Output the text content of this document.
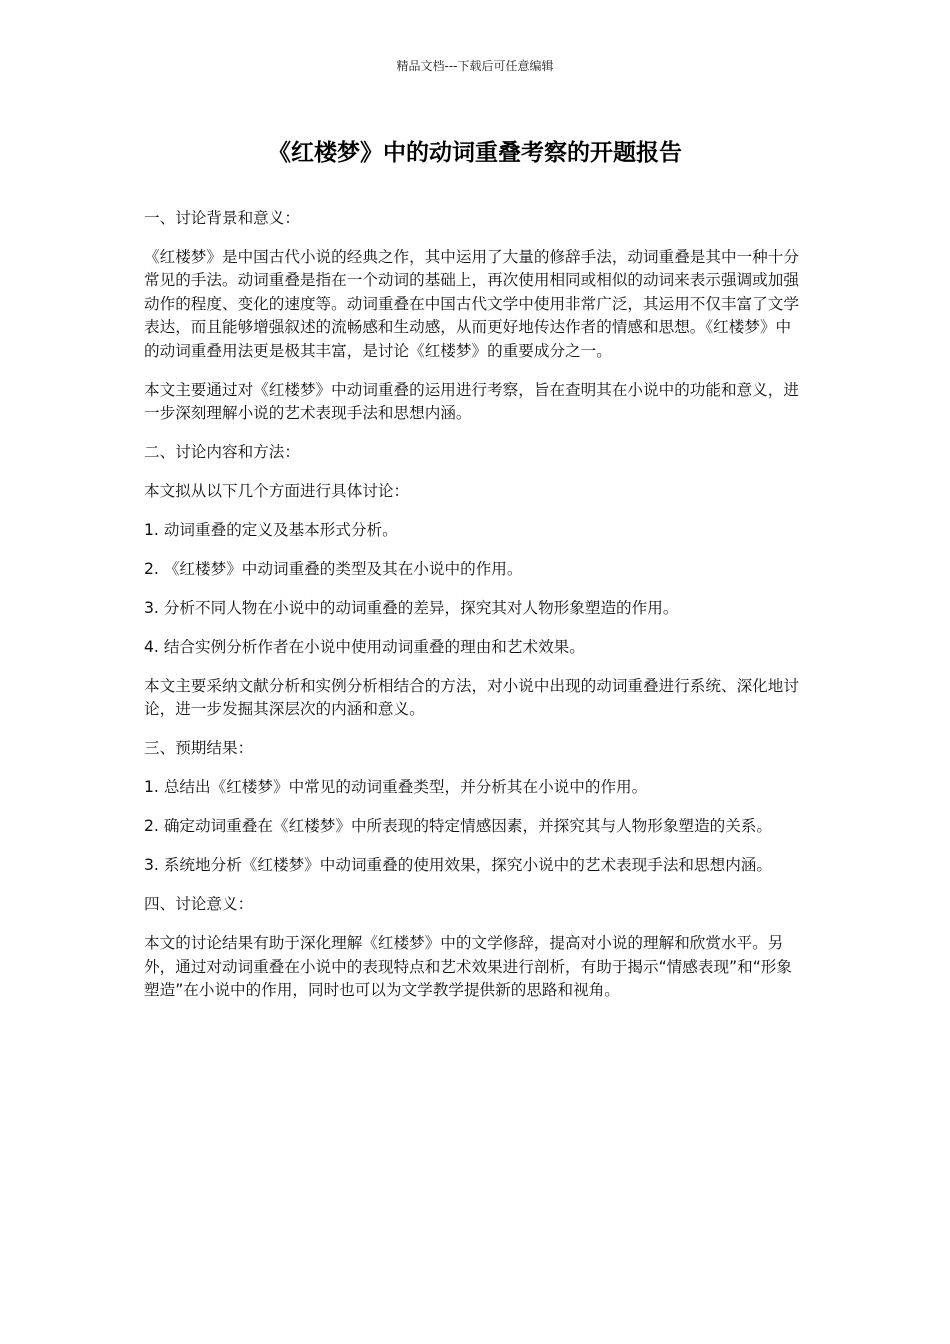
精品文档---下载后可任意编辑
《红楼梦》中的动词重叠考察的开题报告

一、讨论背景和意义：

《红楼梦》是中国古代小说的经典之作，其中运用了大量的修辞手法，动词重叠是其中一种十分常见的手法。动词重叠是指在一个动词的基础上，再次使用相同或相似的动词来表示强调或加强动作的程度、变化的速度等。动词重叠在中国古代文学中使用非常广泛，其运用不仅丰富了文学表达，而且能够增强叙述的流畅感和生动感，从而更好地传达作者的情感和思想。《红楼梦》中的动词重叠用法更是极其丰富，是讨论《红楼梦》的重要成分之一。

本文主要通过对《红楼梦》中动词重叠的运用进行考察，旨在查明其在小说中的功能和意义，进一步深刻理解小说的艺术表现手法和思想内涵。

二、讨论内容和方法：

本文拟从以下几个方面进行具体讨论：

1. 动词重叠的定义及基本形式分析。

2. 《红楼梦》中动词重叠的类型及其在小说中的作用。

3. 分析不同人物在小说中的动词重叠的差异，探究其对人物形象塑造的作用。

4. 结合实例分析作者在小说中使用动词重叠的理由和艺术效果。

本文主要采纳文献分析和实例分析相结合的方法，对小说中出现的动词重叠进行系统、深化地讨论，进一步发掘其深层次的内涵和意义。

三、预期结果：

1. 总结出《红楼梦》中常见的动词重叠类型，并分析其在小说中的作用。

2. 确定动词重叠在《红楼梦》中所表现的特定情感因素，并探究其与人物形象塑造的关系。

3. 系统地分析《红楼梦》中动词重叠的使用效果，探究小说中的艺术表现手法和思想内涵。

四、讨论意义：

本文的讨论结果有助于深化理解《红楼梦》中的文学修辞，提高对小说的理解和欣赏水平。另外，通过对动词重叠在小说中的表现特点和艺术效果进行剖析，有助于揭示“情感表现”和“形象塑造”在小说中的作用，同时也可以为文学教学提供新的思路和视角。
